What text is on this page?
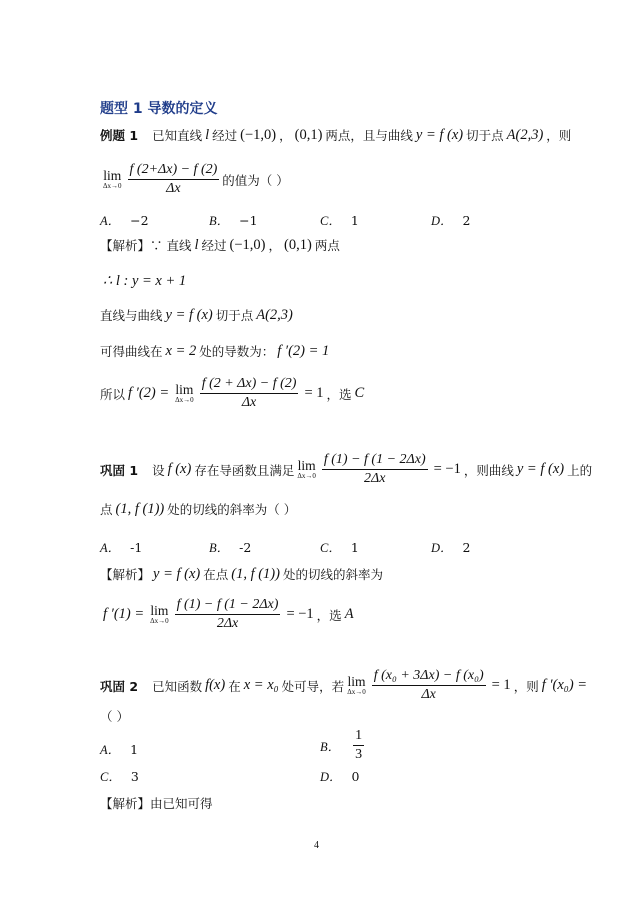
题型 1 导数的定义
例题 1 已知直线 l 经过 (−1,0) ， (0,1) 两点，且与曲线 y = f (x) 切于点 A(2,3) ，则
lim
$\Delta x\to 0 \frac{f (2+\Delta x) - f (2)}{\Delta x}$ 的值为（ ）
A． −2	B． −1	C． 1	D． 2
【解析】 ∵ 直线 l 经过 (−1,0) ， (0,1) 两点
∴ l : y = x + 1
直线与曲线 y = f (x) 切于点 A(2,3)
可得曲线在 x = 2 处的导数为： f ′(2) = 1
所以 f ′(2) = lim
$\Delta x\to 0 \frac{f (2 + \Delta x) - f (2)}{\Delta x} = 1$ ，选 C
巩固 1 设 f (x) 存在导函数且满足 lim
$\Delta x\to 0 \frac{f (1) - f (1 - 2\Delta x)}{2\Delta x} = -1$ ，则曲线 y = f (x) 上的
点 (1, f (1)) 处的切线的斜率为（ ）
A． -1	B． -2	C． 1	D． 2
【解析】 y = f (x) 在点 (1, f (1)) 处的切线的斜率为
f ′(1) = lim
$\Delta x\to 0 \frac{f (1) - f (1 - 2\Delta x)}{2\Delta x} = -1$ ，选 A
巩固 2 已知函数 f(x) 在 x = x₀ 处可导，若 lim
$\Delta x\to 0 \frac{\text{f (x₀ + 3Δx) − f (x₀)}}{\Delta x} = 1$ ，则 f ′(x₀) =
（ ）
A． 1	B． $\frac{1}{3}$
C． 3	D． 0
【解析】 由已知可得
4
